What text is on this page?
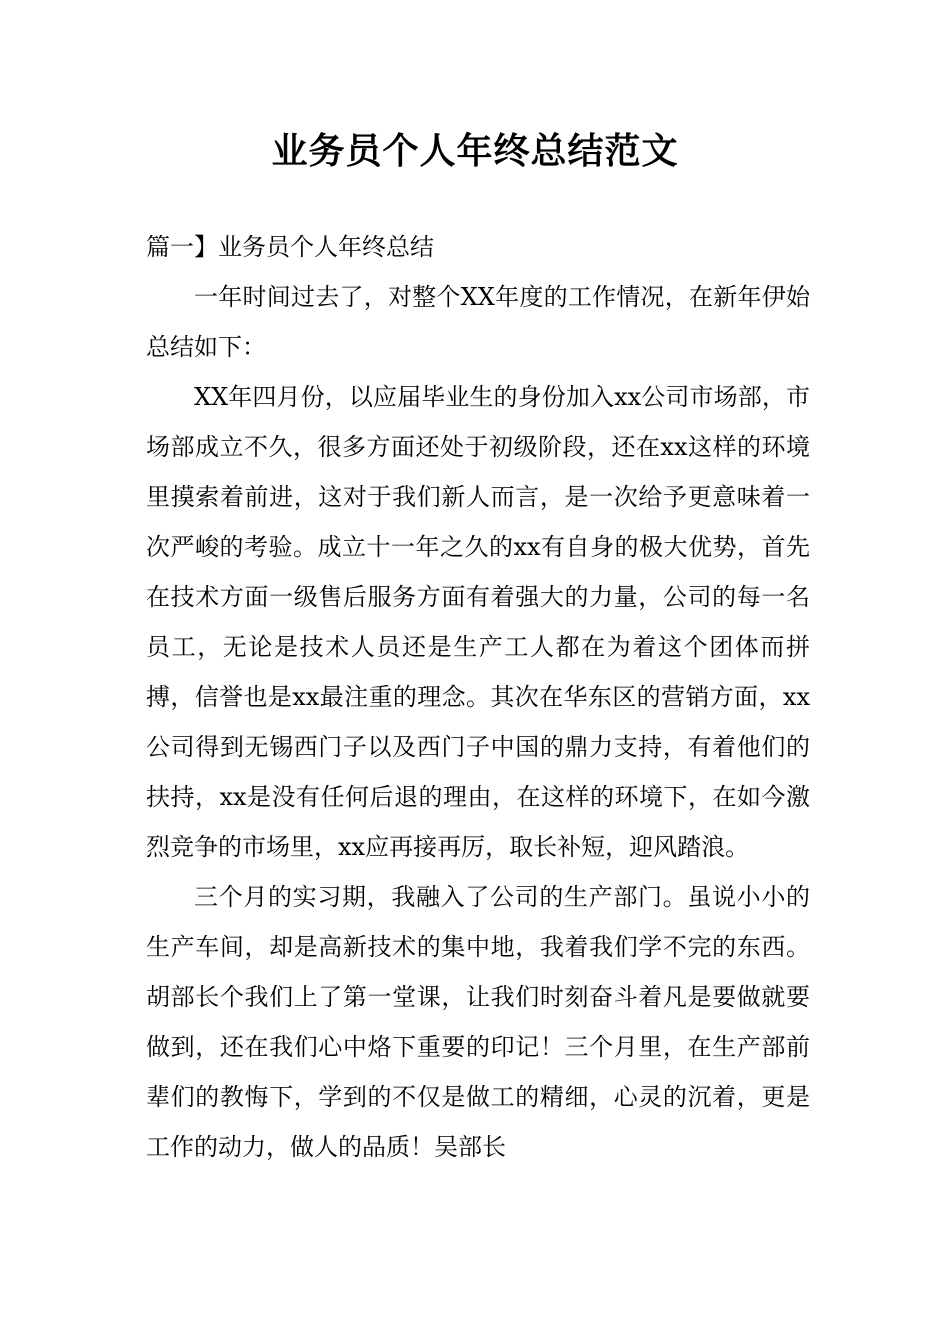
业务员个人年终总结范文

篇一】业务员个人年终总结

一年时间过去了，对整个XX年度的工作情况，在新年伊始总结如下：

XX年四月份，以应届毕业生的身份加入xx公司市场部，市场部成立不久，很多方面还处于初级阶段，还在xx这样的环境里摸索着前进，这对于我们新人而言，是一次给予更意味着一次严峻的考验。成立十一年之久的xx有自身的极大优势，首先在技术方面一级售后服务方面有着强大的力量，公司的每一名员工，无论是技术人员还是生产工人都在为着这个团体而拼搏，信誉也是xx最注重的理念。其次在华东区的营销方面，xx公司得到无锡西门子以及西门子中国的鼎力支持，有着他们的扶持，xx是没有任何后退的理由，在这样的环境下，在如今激烈竞争的市场里，xx应再接再厉，取长补短，迎风踏浪。

三个月的实习期，我融入了公司的生产部门。虽说小小的生产车间，却是高新技术的集中地，我着我们学不完的东西。胡部长个我们上了第一堂课，让我们时刻奋斗着凡是要做就要做到，还在我们心中烙下重要的印记！三个月里，在生产部前辈们的教悔下，学到的不仅是做工的精细，心灵的沉着，更是工作的动力，做人的品质！吴部长
